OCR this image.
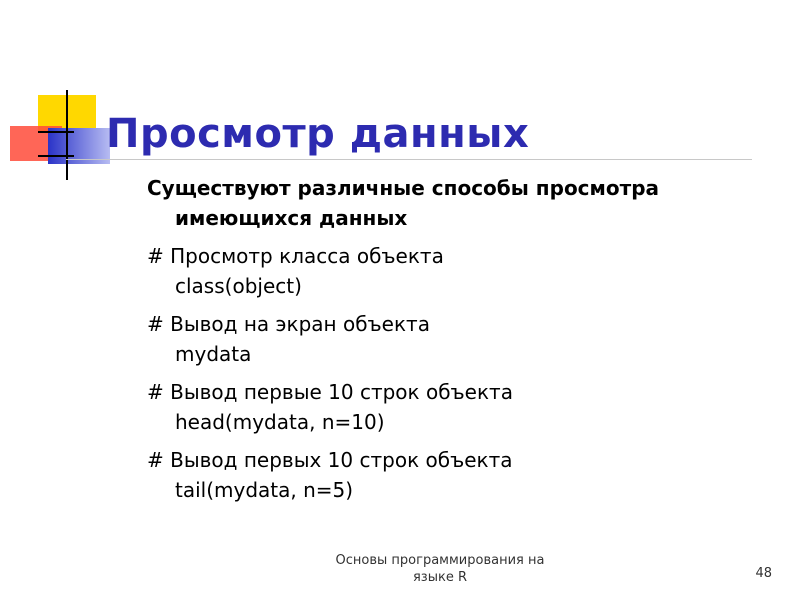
Просмотр данных

Существуют различные способы просмотра
имеющихся данных

# Просмотр класса объекта
class(object)

# Вывод на экран объекта
mydata

# Вывод первые 10 строк объекта
head(mydata, n=10)

# Вывод первых 10 строк объекта
tail(mydata, n=5)

Основы программирования на
языке R	48
